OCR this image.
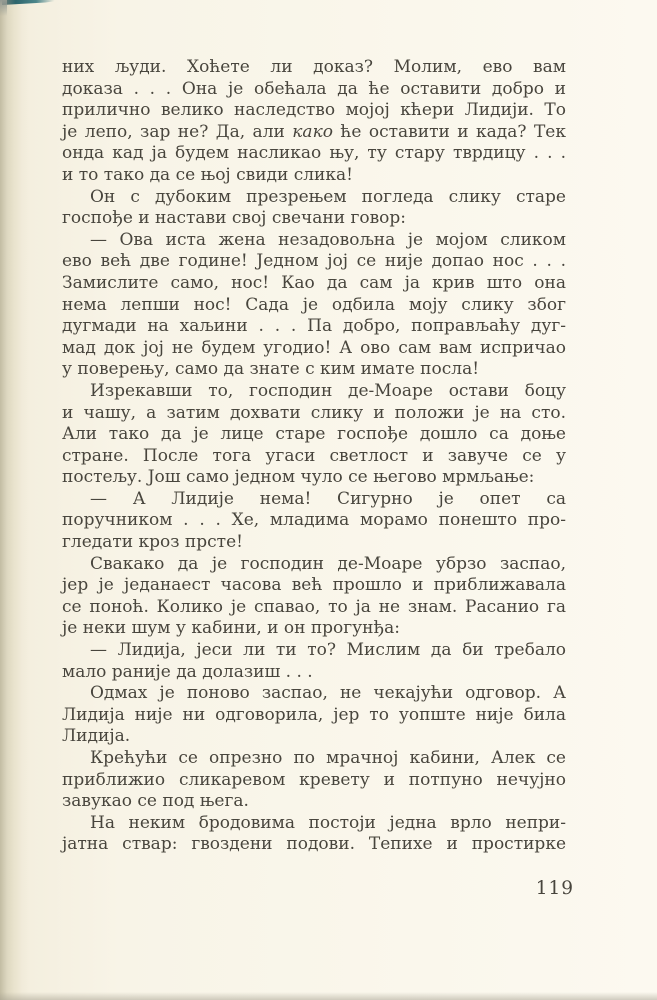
них људи. Хоћете ли доказ? Молим, ево вам
доказа . . . Она је обећала да ће оставити добро и
прилично велико наследство мојој кћери Лидији. То
је лепо, зар не? Да, али како ће оставити и када? Тек
онда кад ја будем насликао њу, ту стару тврдицу . . .
и то тако да се њој свиди слика!
Он с дубоким презрењем погледа слику старе
госпође и настави свој свечани говор:
— Ова иста жена незадовољна је мојом сликом
ево већ две године! Једном јој се није допао нос . . .
Замислите само, нос! Као да сам ја крив што она
нема лепши нос! Сада је одбила моју слику због
дугмади на хаљини . . . Па добро, поправљаћу дуг-
мад док јој не будем угодио! А ово сам вам испричао
у поверењу, само да знате с ким имате посла!
Изрекавши то, господин де-Моаре остави боцу
и чашу, а затим дохвати слику и положи је на сто.
Али тако да је лице старе госпође дошло са доње
стране. После тога угаси светлост и завуче се у
постељу. Још само једном чуло се његово мрмљање:
— А Лидије нема! Сигурно је опет са
поручником . . . Хе, младима морамо понешто про-
гледати кроз прсте!
Свакако да је господин де-Моаре убрзо заспао,
јер је једанаест часова већ прошло и приближавала
се поноћ. Колико је спавао, то ја не знам. Расанио га
је неки шум у кабини, и он прогунђа:
— Лидија, јеси ли ти то? Мислим да би требало
мало раније да долазиш . . .
Одмах је поново заспао, не чекајући одговор. А
Лидија није ни одговорила, јер то уопште није била
Лидија.
Крећући се опрезно по мрачној кабини, Алек се
приближио сликаревом кревету и потпуно нечујно
завукао се под њега.
На неким бродовима постоји једна врло непри-
јатна ствар: гвоздени подови. Тепихе и простирке
119
